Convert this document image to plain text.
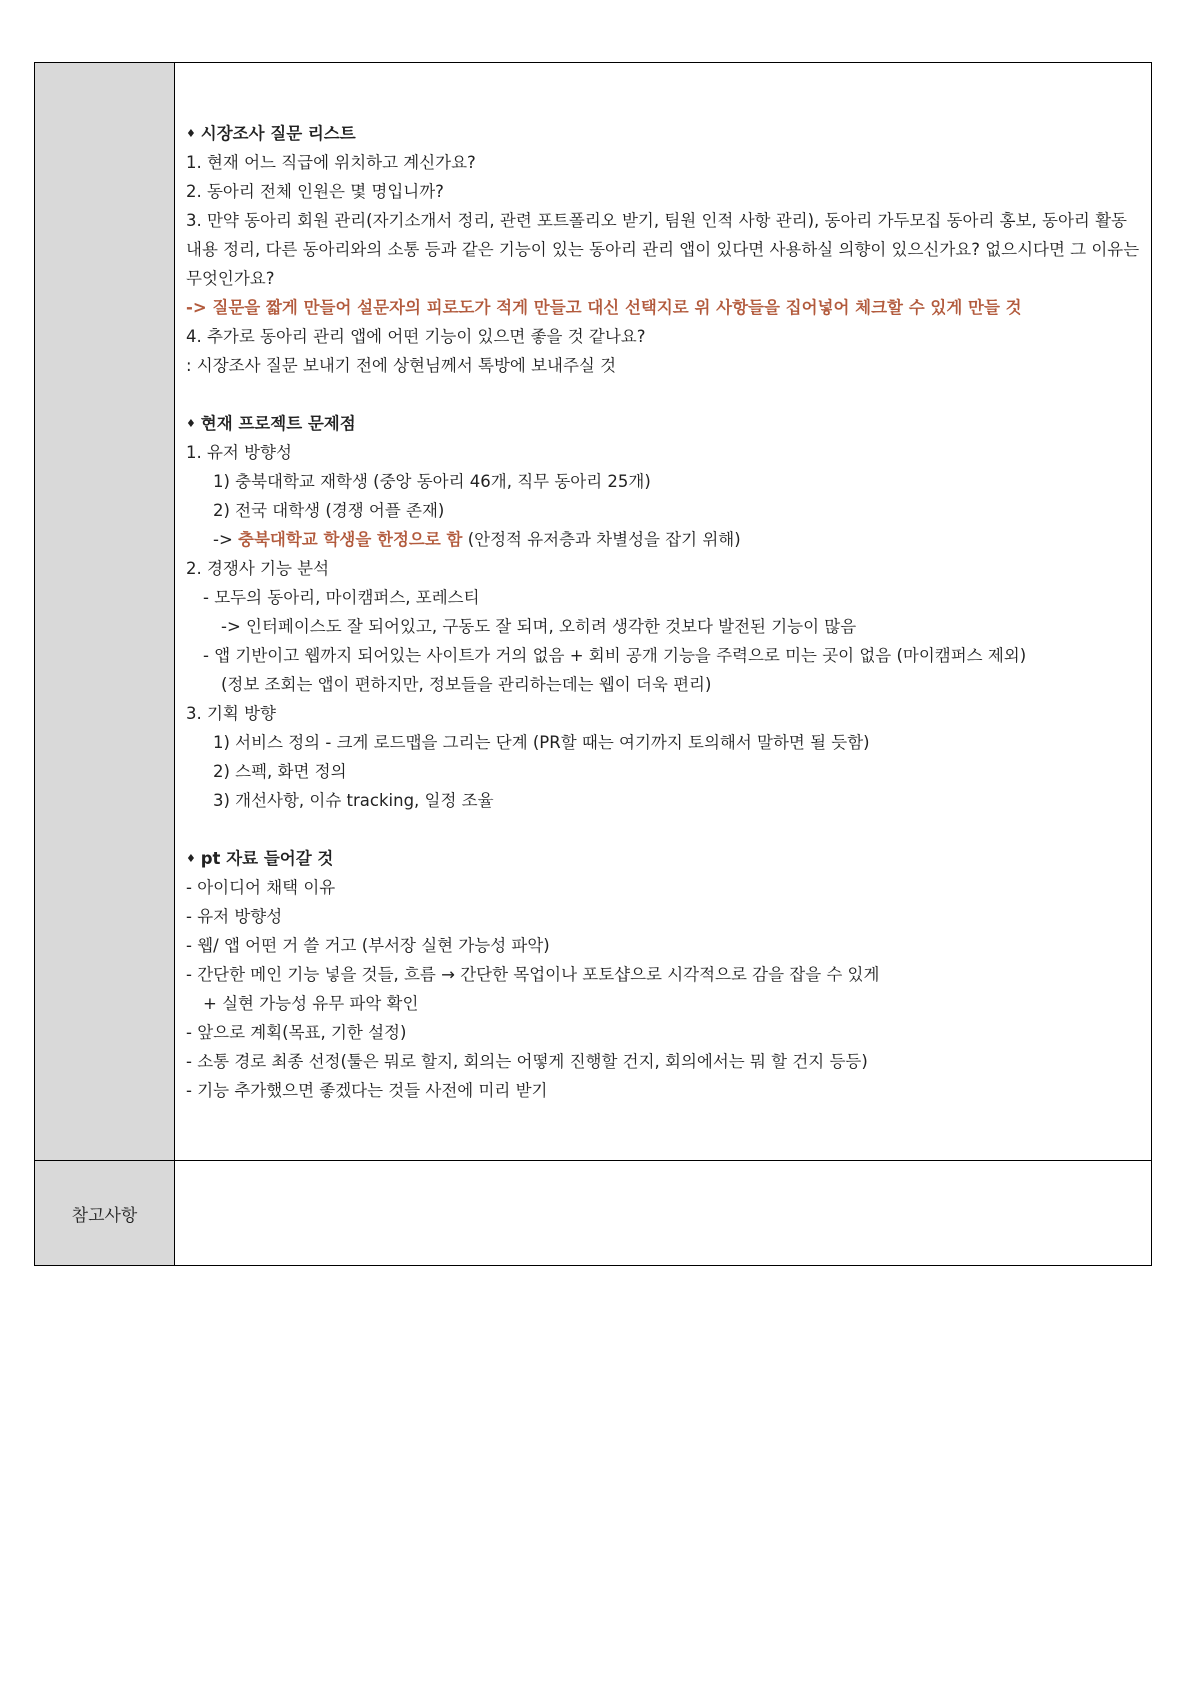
♦ 시장조사 질문 리스트
1. 현재 어느 직급에 위치하고 계신가요?
2. 동아리 전체 인원은 몇 명입니까?
3. 만약 동아리 회원 관리(자기소개서 정리, 관련 포트폴리오 받기, 팀원 인적 사항 관리), 동아리 가두모집 동아리 홍보, 동아리 활동 내용 정리, 다른 동아리와의 소통 등과 같은 기능이 있는 동아리 관리 앱이 있다면 사용하실 의향이 있으신가요? 없으시다면 그 이유는 무엇인가요?
-> 질문을 짧게 만들어 설문자의 피로도가 적게 만들고 대신 선택지로 위 사항들을 집어넣어 체크할 수 있게 만들 것
4. 추가로 동아리 관리 앱에 어떤 기능이 있으면 좋을 것 같나요?
: 시장조사 질문 보내기 전에 상현님께서 톡방에 보내주실 것
♦ 현재 프로젝트 문제점
1. 유저 방향성
1) 충북대학교 재학생 (중앙 동아리 46개, 직무 동아리 25개)
2) 전국 대학생 (경쟁 어플 존재)
-> 충북대학교 학생을 한정으로 함 (안정적 유저층과 차별성을 잡기 위해)
2. 경쟁사 기능 분석
- 모두의 동아리, 마이캠퍼스, 포레스티
-> 인터페이스도 잘 되어있고, 구동도 잘 되며, 오히려 생각한 것보다 발전된 기능이 많음
- 앱 기반이고 웹까지 되어있는 사이트가 거의 없음 + 회비 공개 기능을 주력으로 미는 곳이 없음 (마이캠퍼스 제외)
(정보 조회는 앱이 편하지만, 정보들을 관리하는데는 웹이 더욱 편리)
3. 기획 방향
1) 서비스 정의 - 크게 로드맵을 그리는 단계 (PR할 때는 여기까지 토의해서 말하면 될 듯함)
2) 스펙, 화면 정의
3) 개선사항, 이슈 tracking, 일정 조율
♦ pt 자료 들어갈 것
- 아이디어 채택 이유
- 유저 방향성
- 웹/ 앱 어떤 거 쓸 거고 (부서장 실현 가능성 파악)
- 간단한 메인 기능 넣을 것들, 흐름 → 간단한 목업이나 포토샵으로 시각적으로 감을 잡을 수 있게
+ 실현 가능성 유무 파악 확인
- 앞으로 계획(목표, 기한 설정)
- 소통 경로 최종 선정(툴은 뭐로 할지, 회의는 어떻게 진행할 건지, 회의에서는 뭐 할 건지 등등)
- 기능 추가했으면 좋겠다는 것들 사전에 미리 받기
참고사항
